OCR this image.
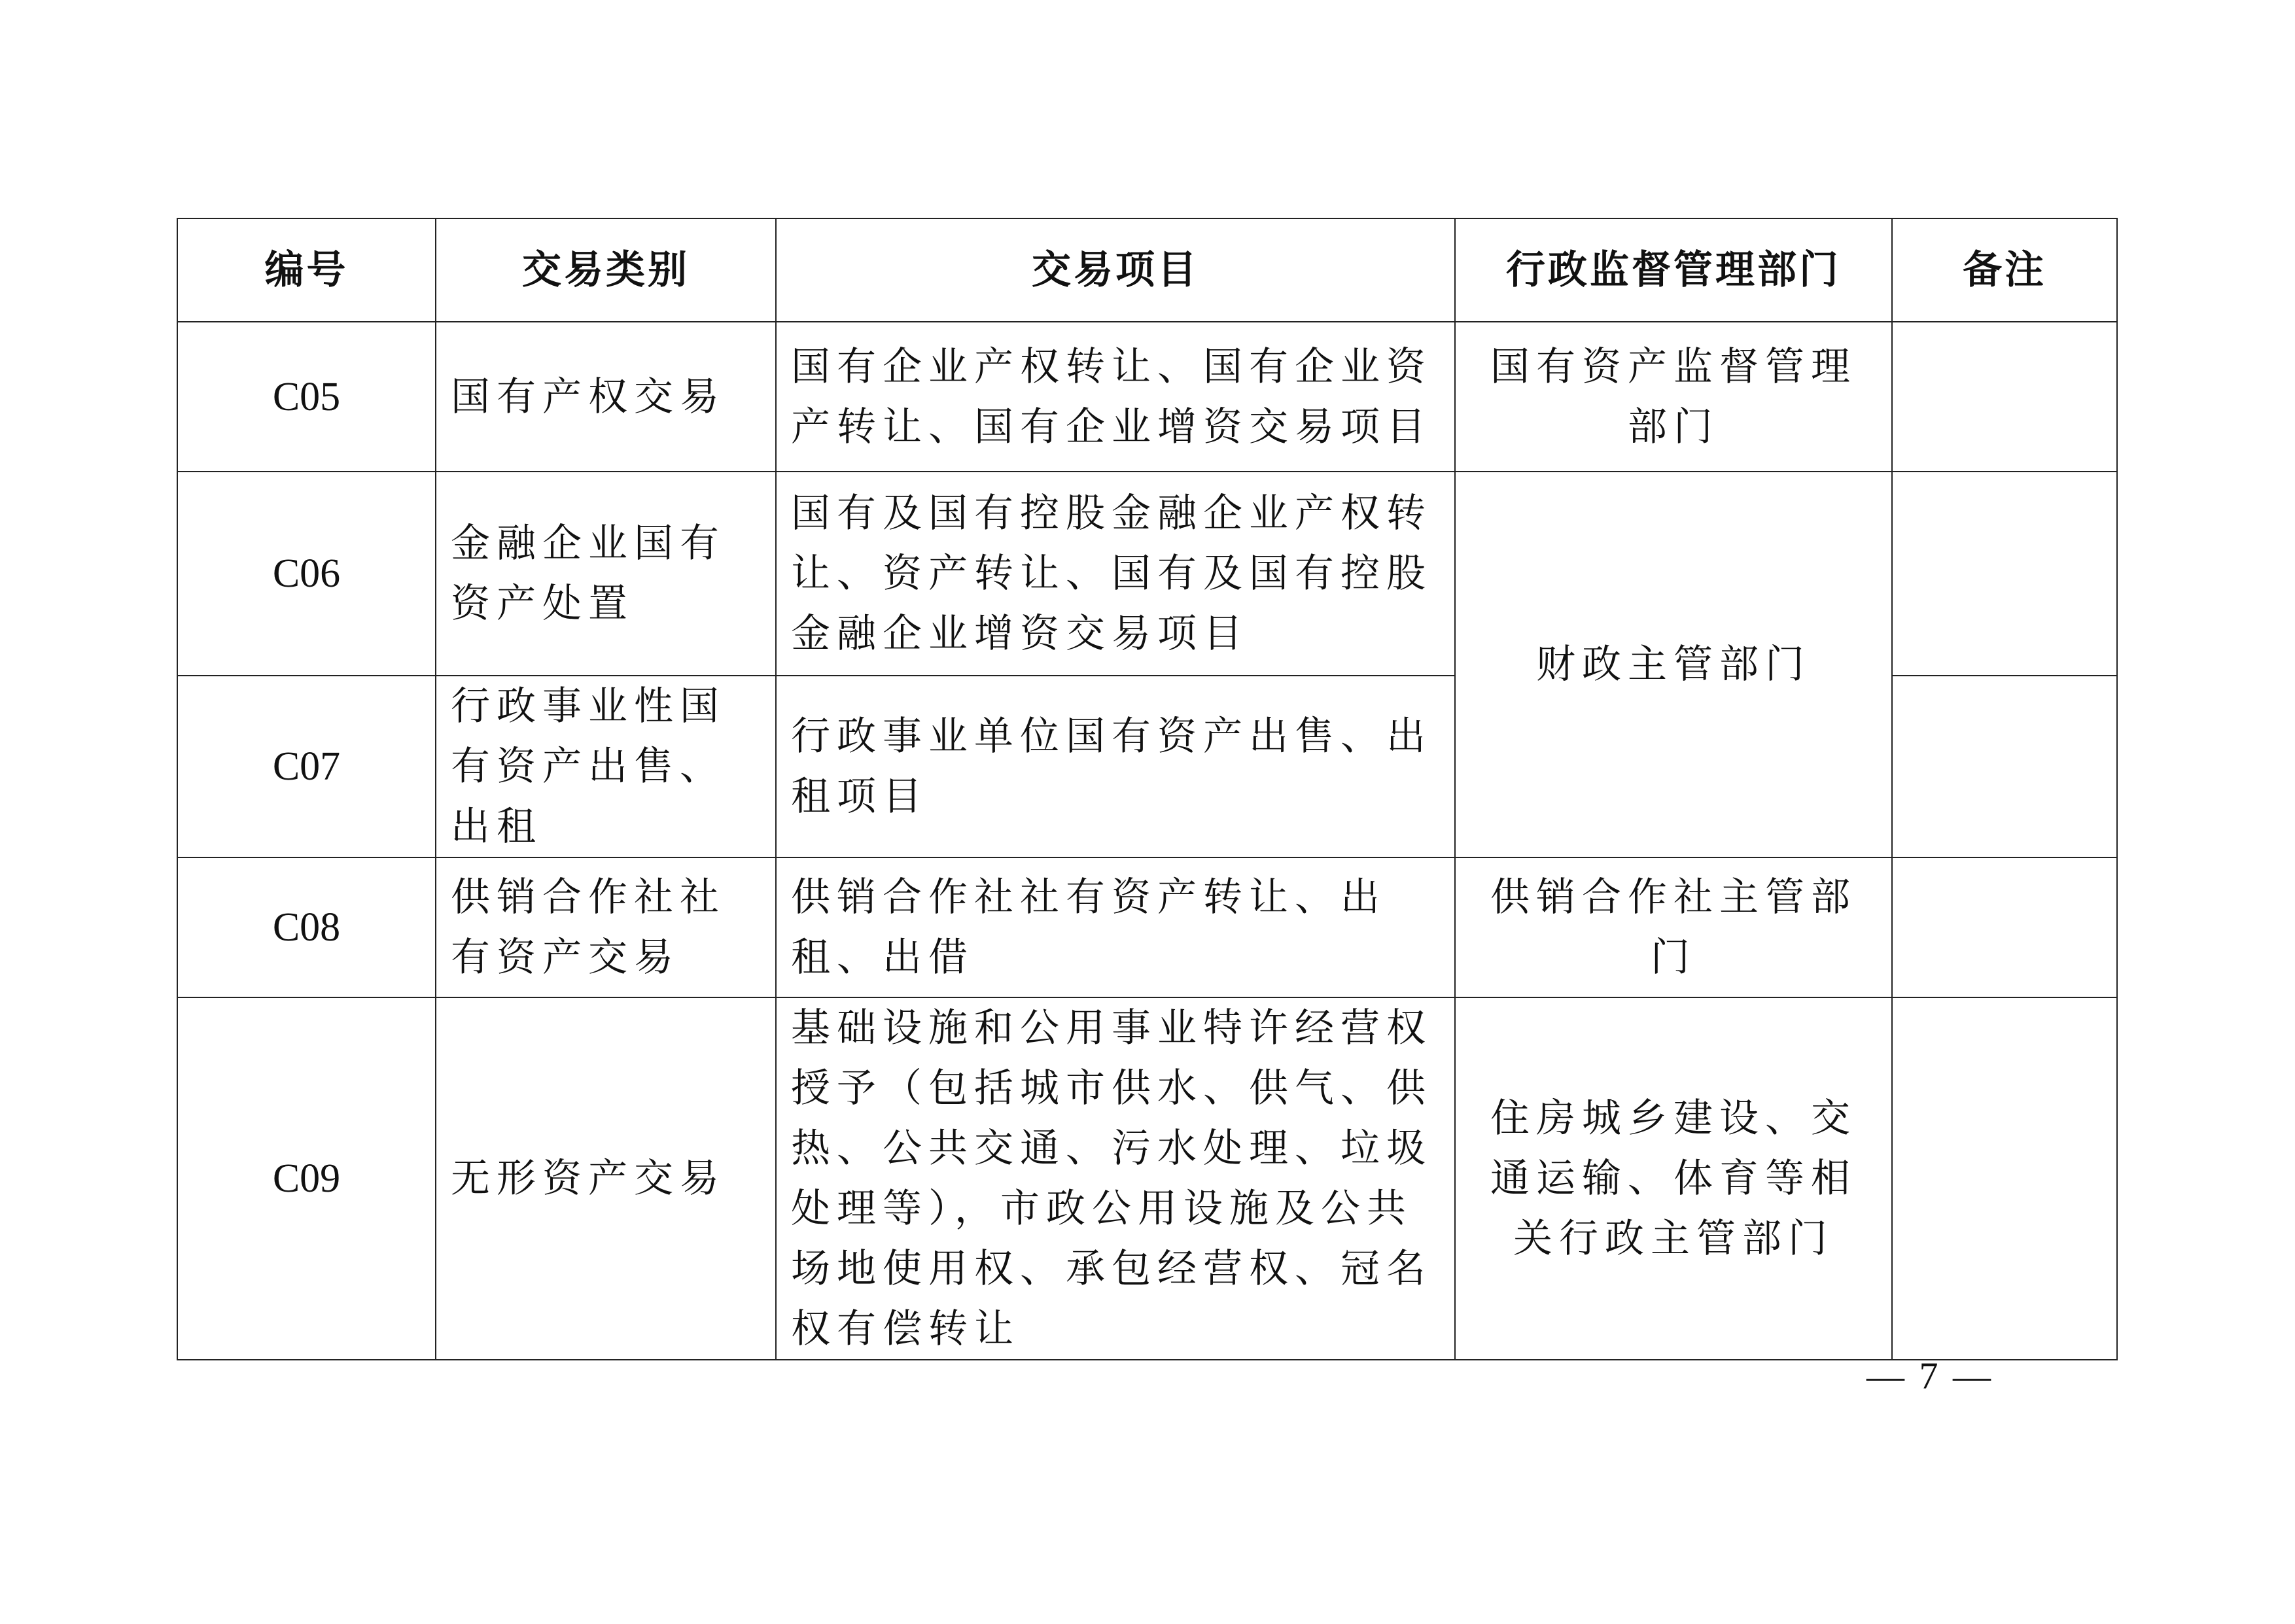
编号	交易类别	交易项目	行政监督管理部门	备注
C05	国有产权交易	国有企业产权转让、国有企业资产转让、国有企业增资交易项目	国有资产监督管理部门	
C06	金融企业国有资产处置	国有及国有控股金融企业产权转让、资产转让、国有及国有控股金融企业增资交易项目	财政主管部门	
C07	行政事业性国有资产出售、出租	行政事业单位国有资产出售、出租项目		
C08	供销合作社社有资产交易	供销合作社社有资产转让、出租、出借	供销合作社主管部门	
C09	无形资产交易	基础设施和公用事业特许经营权授予（包括城市供水、供气、供热、公共交通、污水处理、垃圾处理等），市政公用设施及公共场地使用权、承包经营权、冠名权有偿转让	住房城乡建设、交通运输、体育等相关行政主管部门	
— 7 —
